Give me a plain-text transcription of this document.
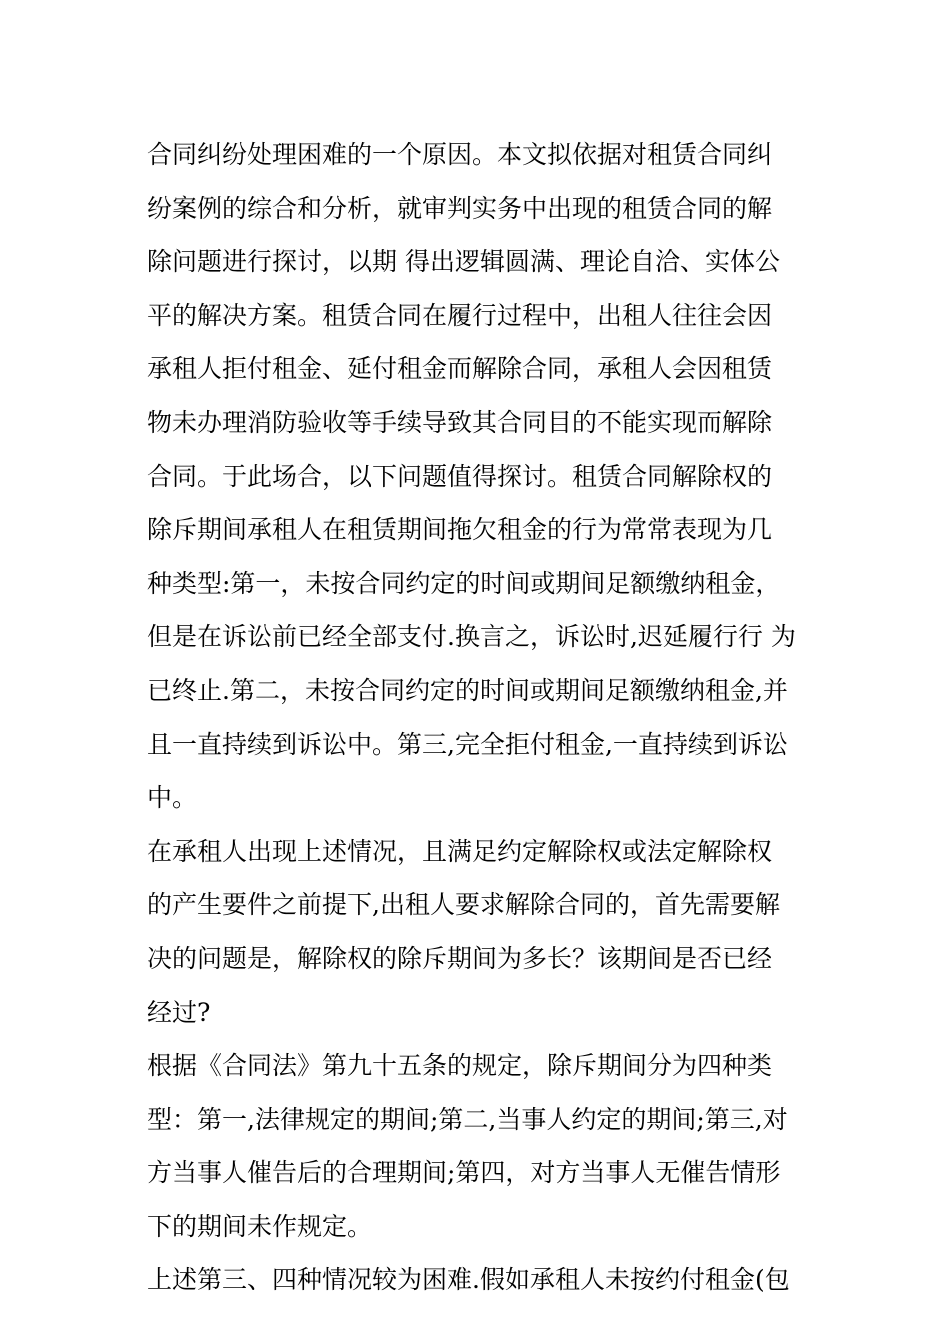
合同纠纷处理困难的一个原因。本文拟依据对租赁合同纠
纷案例的综合和分析，就审判实务中出现的租赁合同的解
除问题进行探讨，以期 得出逻辑圆满、理论自洽、实体公
平的解决方案。租赁合同在履行过程中，出租人往往会因
承租人拒付租金、延付租金而解除合同，承租人会因租赁
物未办理消防验收等手续导致其合同目的不能实现而解除
合同。于此场合，以下问题值得探讨。租赁合同解除权的
除斥期间承租人在租赁期间拖欠租金的行为常常表现为几
种类型:第一，未按合同约定的时间或期间足额缴纳租金，
但是在诉讼前已经全部支付.换言之，诉讼时,迟延履行行 为
已终止.第二，未按合同约定的时间或期间足额缴纳租金,并
且一直持续到诉讼中。第三,完全拒付租金,一直持续到诉讼
中。
在承租人出现上述情况，且满足约定解除权或法定解除权
的产生要件之前提下,出租人要求解除合同的，首先需要解
决的问题是，解除权的除斥期间为多长？该期间是否已经
经过?
根据《合同法》第九十五条的规定，除斥期间分为四种类
型：第一,法律规定的期间;第二,当事人约定的期间;第三,对
方当事人催告后的合理期间;第四，对方当事人无催告情形
下的期间未作规定。
上述第三、四种情况较为困难.假如承租人未按约付租金(包
